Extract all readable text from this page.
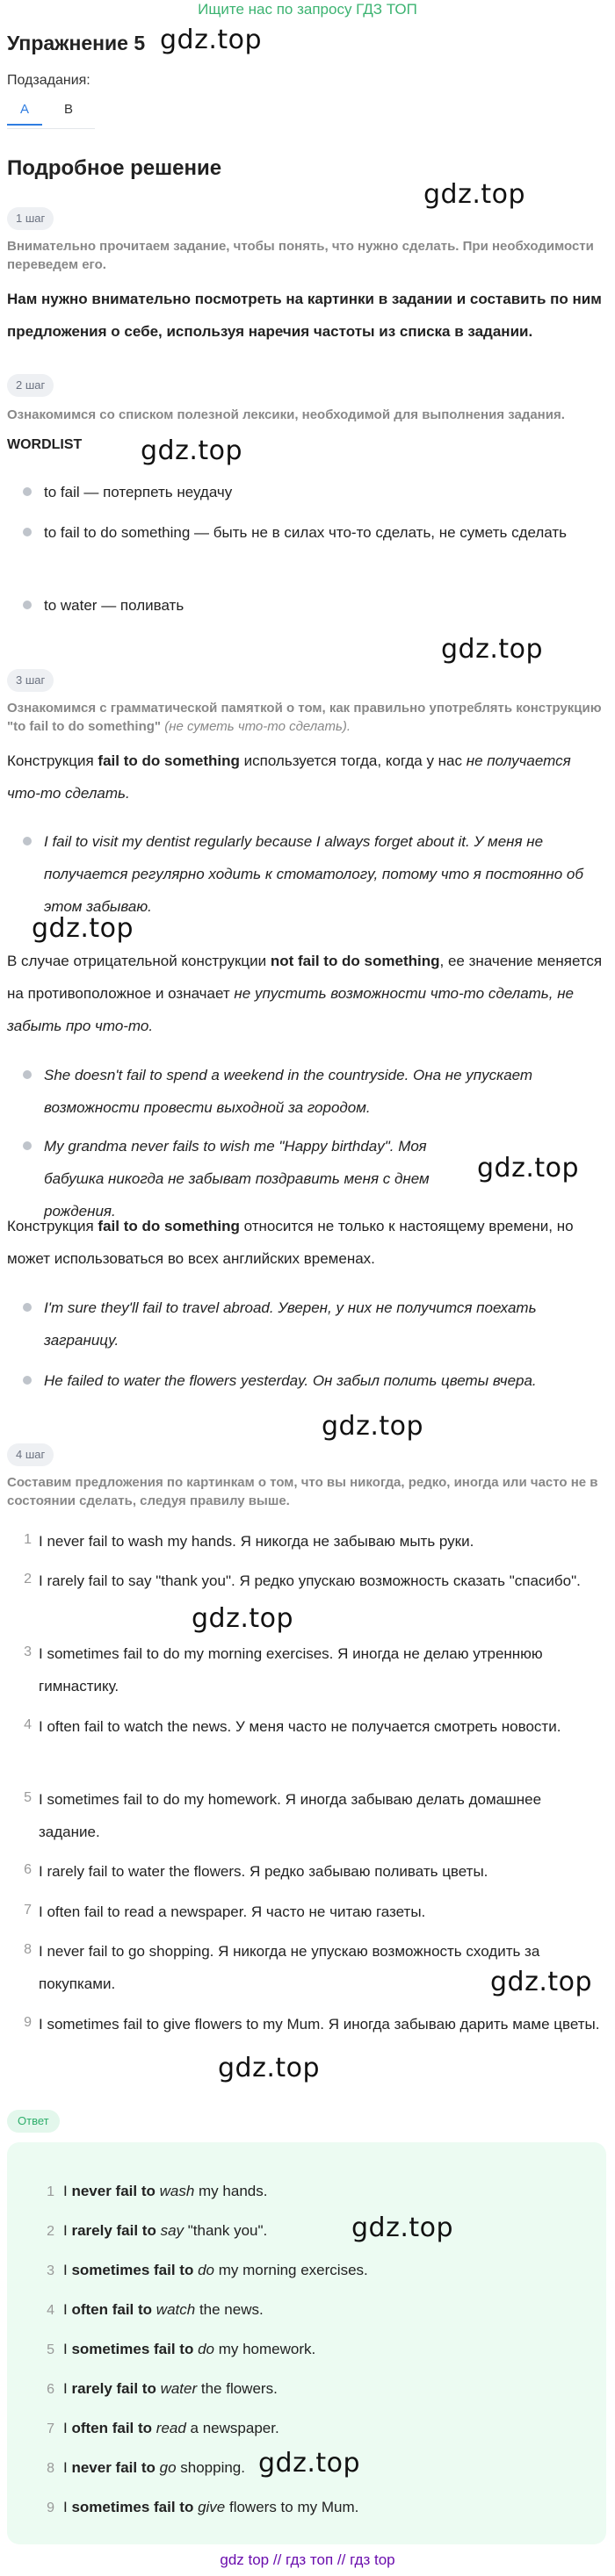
Ищите нас по запросу ГДЗ ТОП
Упражнение 5 gdz.top
Подзадания:
A	B
Подробное решение
gdz.top
1 шаг
Внимательно прочитаем задание, чтобы понять, что нужно сделать. При необходимости переведем его.
Нам нужно внимательно посмотреть на картинки в задании и составить по ним предложения о себе, используя наречия частоты из списка в задании.
2 шаг
Ознакомимся со списком полезной лексики, необходимой для выполнения задания.
WORDLIST gdz.top
to fail — потерпеть неудачу
to fail to do something — быть не в силах что-то сделать, не суметь сделать
to water — поливать
gdz.top
3 шаг
Ознакомимся с грамматической памяткой о том, как правильно употреблять конструкцию "to fail to do something" (не суметь что-то сделать).
Конструкция fail to do something используется тогда, когда у нас не получается что-то сделать.
I fail to visit my dentist regularly because I always forget about it. У меня не получается регулярно ходить к стоматологу, потому что я постоянно об этом забываю.
gdz.top
В случае отрицательной конструкции not fail to do something, ее значение меняется на противоположное и означает не упустить возможности что-то сделать, не забыть про что-то.
She doesn't fail to spend a weekend in the countryside. Она не упускает возможности провести выходной за городом.
My grandma never fails to wish me "Happy birthday". Моя бабушка никогда не забыват поздравить меня с днем рождения.
gdz.top
Конструкция fail to do something относится не только к настоящему времени, но может использоваться во всех английских временах.
I'm sure they'll fail to travel abroad. Уверен, у них не получится поехать заграницу.
He failed to water the flowers yesterday. Он забыл полить цветы вчера.
gdz.top
4 шаг
Составим предложения по картинкам о том, что вы никогда, редко, иногда или часто не в состоянии сделать, следуя правилу выше.
1 I never fail to wash my hands. Я никогда не забываю мыть руки.
2 I rarely fail to say "thank you". Я редко упускаю возможность сказать "спасибо".
gdz.top
3 I sometimes fail to do my morning exercises. Я иногда не делаю утреннюю гимнастику.
4 I often fail to watch the news. У меня часто не получается смотреть новости.
5 I sometimes fail to do my homework. Я иногда забываю делать домашнее задание.
6 I rarely fail to water the flowers. Я редко забываю поливать цветы.
7 I often fail to read a newspaper. Я часто не читаю газеты.
8 I never fail to go shopping. Я никогда не упускаю возможность сходить за покупками.	gdz.top
9 I sometimes fail to give flowers to my Mum. Я иногда забываю дарить маме цветы.
gdz.top
Ответ
1 I never fail to wash my hands.
2 I rarely fail to say "thank you".	gdz.top
3 I sometimes fail to do my morning exercises.
4 I often fail to watch the news.
5 I sometimes fail to do my homework.
6 I rarely fail to water the flowers.
7 I often fail to read a newspaper.
8 I never fail to go shopping. gdz.top
9 I sometimes fail to give flowers to my Mum.
gdz top // гдз топ // гдз top
